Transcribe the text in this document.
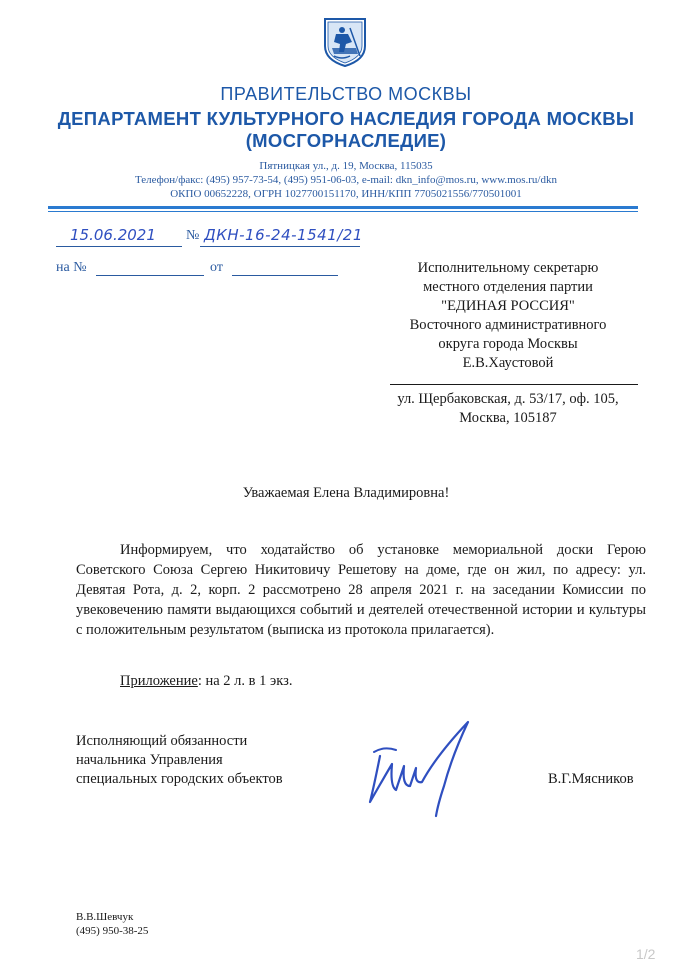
ПРАВИТЕЛЬСТВО МОСКВЫ
ДЕПАРТАМЕНТ КУЛЬТУРНОГО НАСЛЕДИЯ ГОРОДА МОСКВЫ
(МОСГОРНАСЛЕДИЕ)
Пятницкая ул., д. 19, Москва, 115035
Телефон/факс: (495) 957-73-54, (495) 951-06-03, e-mail: dkn_info@mos.ru, www.mos.ru/dkn
ОКПО 00652228, ОГРН 1027700151170, ИНН/КПП 7705021556/770501001
15.06.2021 № ДКН-16-24-1541/21
на №	от	Исполнительному секретарю
местного отделения партии
"ЕДИНАЯ РОССИЯ"
Восточного административного
округа города Москвы
Е.В.Хаустовой
ул. Щербаковская, д. 53/17, оф. 105,
Москва, 105187
Уважаемая Елена Владимировна!
Информируем, что ходатайство об установке мемориальной доски Герою Советского Союза Сергею Никитовичу Решетову на доме, где он жил, по адресу: ул. Девятая Рота, д. 2, корп. 2 рассмотрено 28 апреля 2021 г. на заседании Комиссии по увековечению памяти выдающихся событий и деятелей отечественной истории и культуры с положительным результатом (выписка из протокола прилагается).
Приложение: на 2 л. в 1 экз.
Исполняющий обязанности
начальника Управления
специальных городских объектов	В.Г.Мясников
В.В.Шевчук
(495) 950-38-25
1/2
